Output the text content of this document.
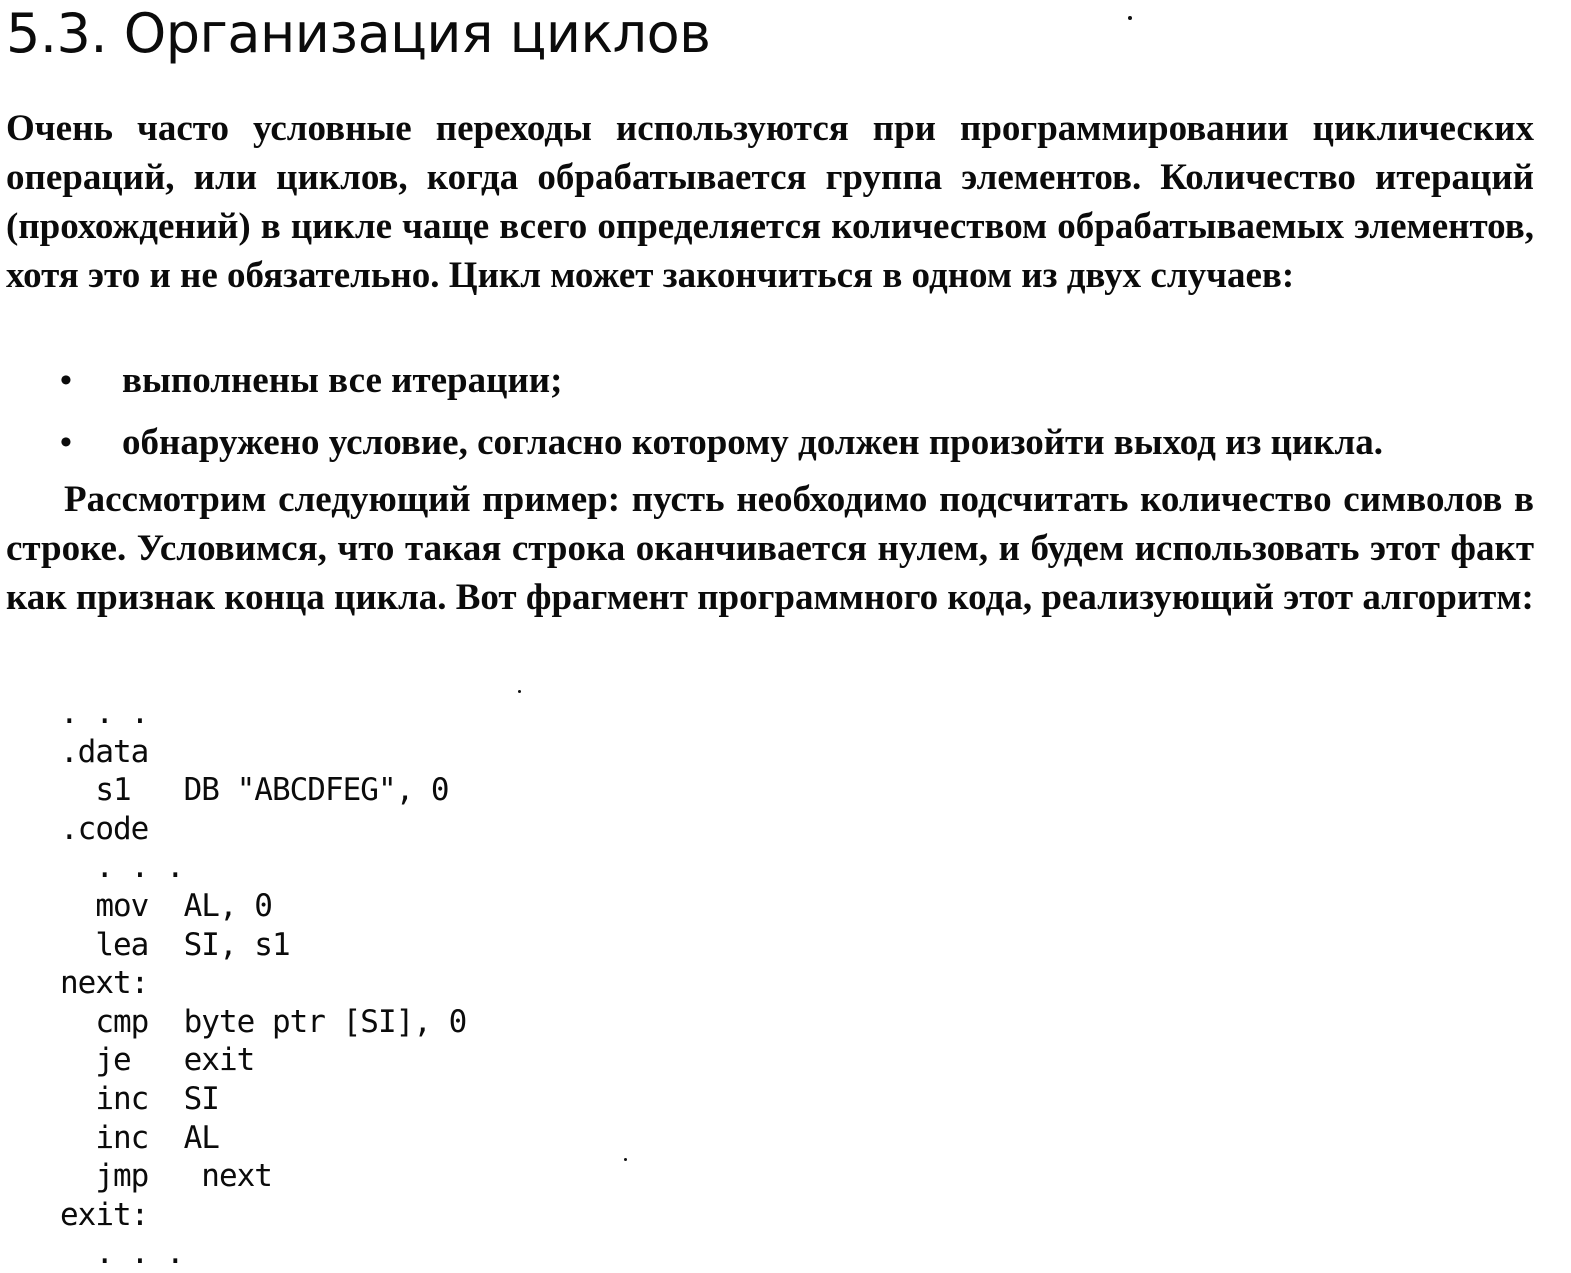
5.3. Организация циклов

Очень часто условные переходы используются при программировании циклических операций, или циклов, когда обрабатывается группа элементов. Количество итераций (прохождений) в цикле чаще всего определяется количеством обрабатываемых элементов, хотя это и не обязательно. Цикл может закончиться в одном из двух случаев:

• выполнены все итерации;
• обнаружено условие, согласно которому должен произойти выход из цикла.

Рассмотрим следующий пример: пусть необходимо подсчитать количество символов в строке. Условимся, что такая строка оканчивается нулем, и будем использовать этот факт как признак конца цикла. Вот фрагмент программного кода, реализующий этот алгоритм:

. . .
.data
s1   DB "ABCDFEG", 0
.code
. . .
mov  AL, 0
lea  SI, s1
next:
cmp  byte ptr [SI], 0
je   exit
inc  SI
inc  AL
jmp   next
exit:
. . .
